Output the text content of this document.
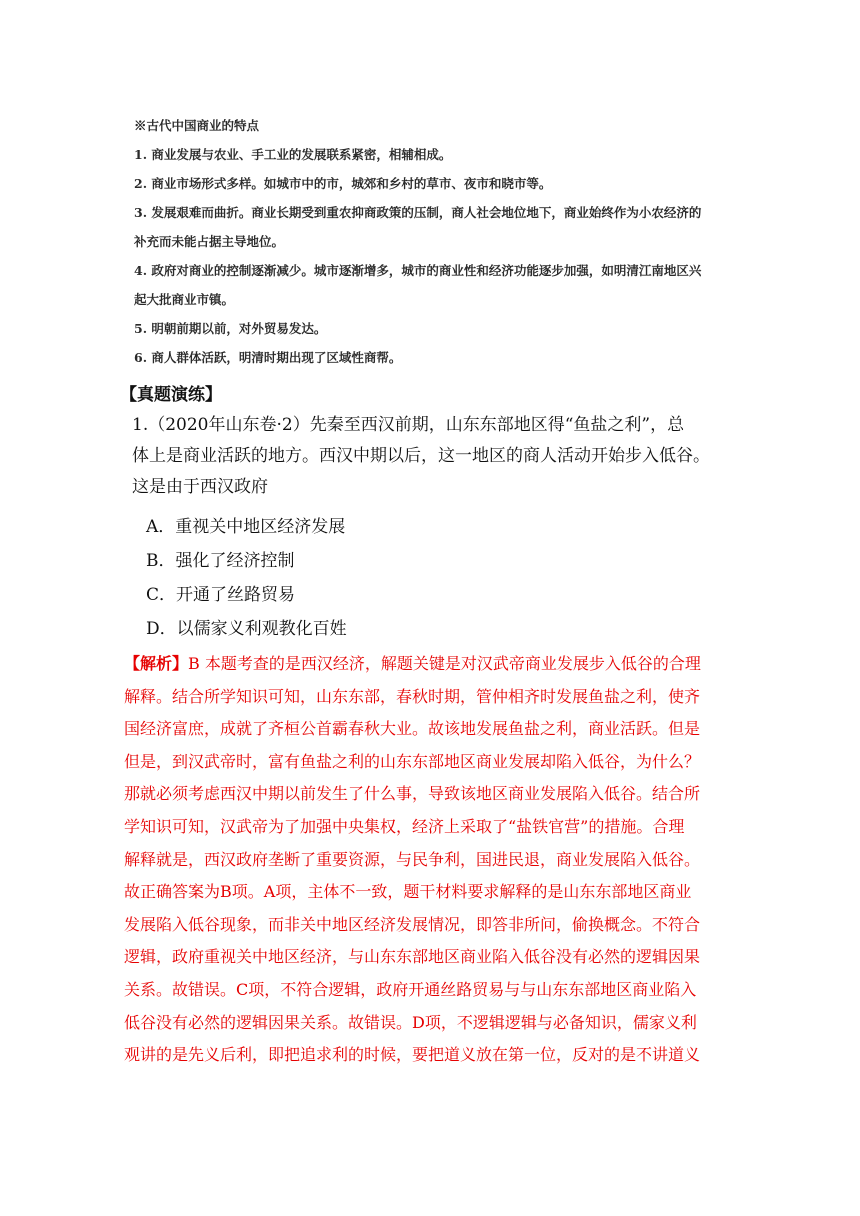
※古代中国商业的特点
1. 商业发展与农业、手工业的发展联系紧密，相辅相成。
2. 商业市场形式多样。如城市中的市，城郊和乡村的草市、夜市和晓市等。
3. 发展艰难而曲折。商业长期受到重农抑商政策的压制，商人社会地位地下，商业始终作为小农经济的
补充而未能占据主导地位。
4. 政府对商业的控制逐渐减少。城市逐渐增多，城市的商业性和经济功能逐步加强，如明清江南地区兴
起大批商业市镇。
5. 明朝前期以前，对外贸易发达。
6. 商人群体活跃，明清时期出现了区域性商帮。
【真题演练】
1.（2020年山东卷·2）先秦至西汉前期，山东东部地区得“鱼盐之利”，总
体上是商业活跃的地方。西汉中期以后，这一地区的商人活动开始步入低谷。
这是由于西汉政府
A．重视关中地区经济发展
B．强化了经济控制
C．开通了丝路贸易
D．以儒家义利观教化百姓
【解析】B 本题考查的是西汉经济，解题关键是对汉武帝商业发展步入低谷的合理
解释。结合所学知识可知，山东东部，春秋时期，管仲相齐时发展鱼盐之利，使齐
国经济富庶，成就了齐桓公首霸春秋大业。故该地发展鱼盐之利，商业活跃。但是
但是，到汉武帝时，富有鱼盐之利的山东东部地区商业发展却陷入低谷，为什么？
那就必须考虑西汉中期以前发生了什么事，导致该地区商业发展陷入低谷。结合所
学知识可知，汉武帝为了加强中央集权，经济上采取了“盐铁官营”的措施。合理
解释就是，西汉政府垄断了重要资源，与民争利，国进民退，商业发展陷入低谷。
故正确答案为B项。A项，主体不一致，题干材料要求解释的是山东东部地区商业
发展陷入低谷现象，而非关中地区经济发展情况，即答非所问，偷换概念。不符合
逻辑，政府重视关中地区经济，与山东东部地区商业陷入低谷没有必然的逻辑因果
关系。故错误。C项，不符合逻辑，政府开通丝路贸易与与山东东部地区商业陷入
低谷没有必然的逻辑因果关系。故错误。D项，不逻辑逻辑与必备知识，儒家义利
观讲的是先义后利，即把追求利的时候，要把道义放在第一位，反对的是不讲道义
